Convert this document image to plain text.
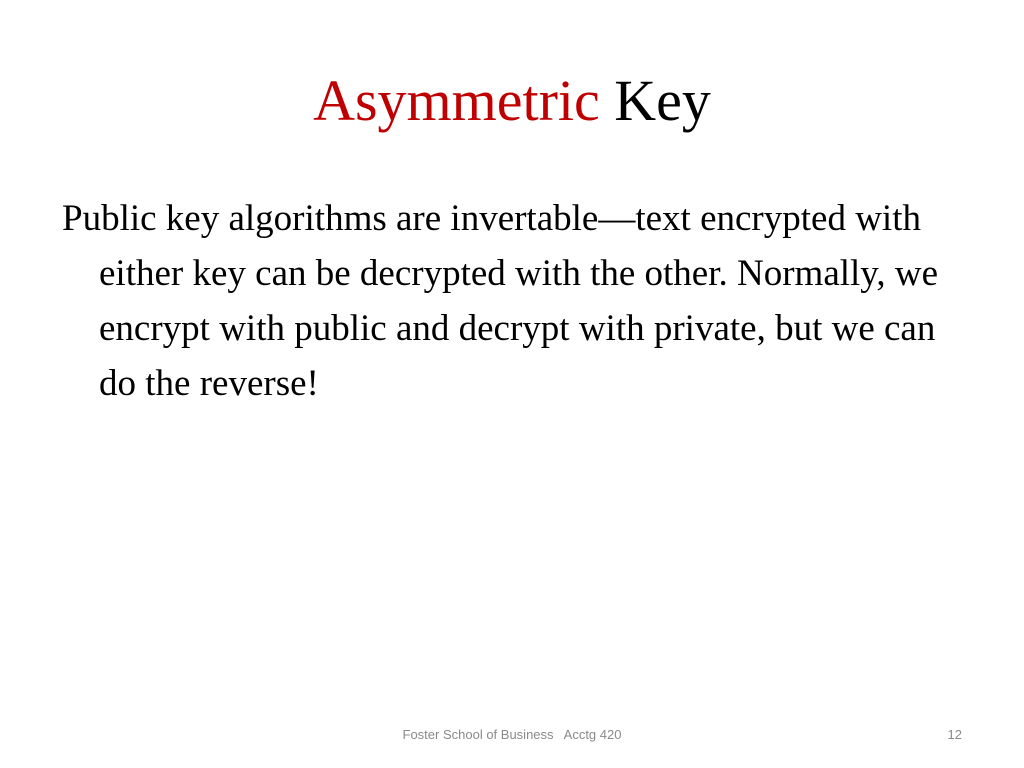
Asymmetric Key

Public key algorithms are invertable—text encrypted with either key can be decrypted with the other. Normally, we encrypt with public and decrypt with private, but we can do the reverse!

Foster School of Business   Acctg 420	12
